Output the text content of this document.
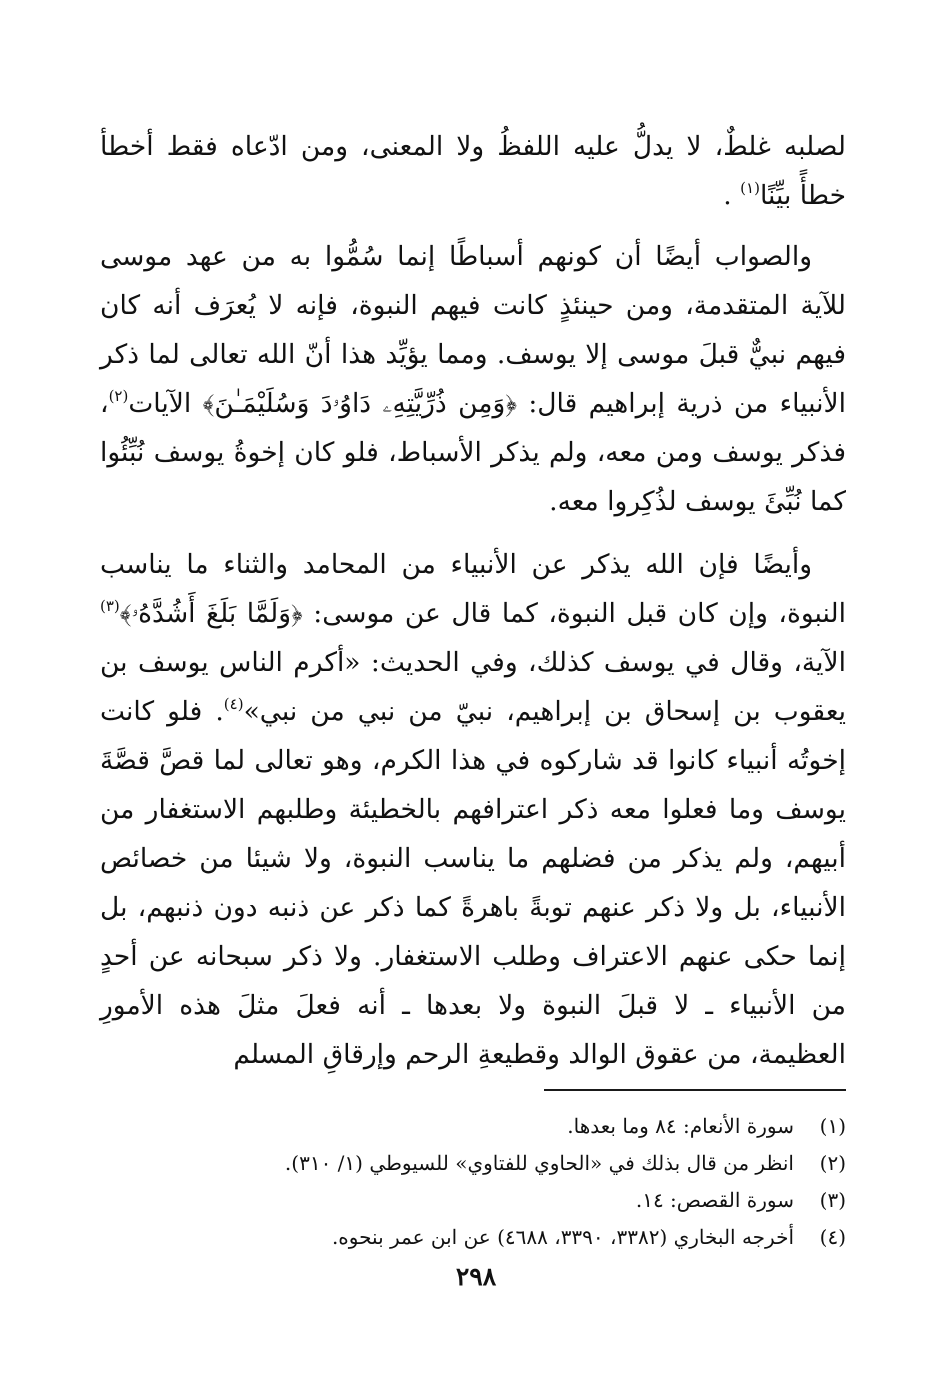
لصلبه غلطٌ، لا يدلُّ عليه اللفظُ ولا المعنى، ومن ادّعاه فقط أخطأ خطأً بيِّنًا$^{(١)}$ .

والصواب أيضًا أن كونهم أسباطًا إنما سُمُّوا به من عهد موسى للآية المتقدمة، ومن حينئذٍ كانت فيهم النبوة، فإنه لا يُعرَف أنه كان فيهم نبيٌّ قبلَ موسى إلا يوسف. ومما يؤيِّد هذا أنّ الله تعالى لما ذكر الأنبياء من ذرية إبراهيم قال: ﴿وَمِن ذُرِّيَّتِهِۦ دَاوُۥدَ وَسُلَيْمَـٰنَ﴾ الآيات$^{(٢)}$، فذكر يوسف ومن معه، ولم يذكر الأسباط، فلو كان إخوةُ يوسف نُبِّئُوا كما نُبِّئَ يوسف لذُكِروا معه.

وأيضًا فإن الله يذكر عن الأنبياء من المحامد والثناء ما يناسب النبوة، وإن كان قبل النبوة، كما قال عن موسى: ﴿وَلَمَّا بَلَغَ أَشُدَّهُۥ﴾$^{(٣)}$ الآية، وقال في يوسف كذلك، وفي الحديث: «أكرم الناس يوسف بن يعقوب بن إسحاق بن إبراهيم، نبيّ من نبي من نبي»$^{(٤)}$. فلو كانت إخوتُه أنبياء كانوا قد شاركوه في هذا الكرم، وهو تعالى لما قصَّ قصَّةَ يوسف وما فعلوا معه ذكر اعترافهم بالخطيئة وطلبهم الاستغفار من أبيهم، ولم يذكر من فضلهم ما يناسب النبوة، ولا شيئا من خصائص الأنبياء، بل ولا ذكر عنهم توبةً باهرةً كما ذكر عن ذنبه دون ذنبهم، بل إنما حكى عنهم الاعتراف وطلب الاستغفار. ولا ذكر سبحانه عن أحدٍ من الأنبياء ـ لا قبلَ النبوة ولا بعدها ـ أنه فعلَ مثلَ هذه الأمورِ العظيمة، من عقوق الوالد وقطيعةِ الرحم وإرقاقِ المسلم

(١)سورة الأنعام: ٨٤ وما بعدها.
(٢)انظر من قال بذلك في «الحاوي للفتاوي» للسيوطي (١/ ٣١٠).
(٣)سورة القصص: ١٤.
(٤)أخرجه البخاري (٣٣٨٢، ٣٣٩٠، ٤٦٨٨) عن ابن عمر بنحوه.
٢٩٨
